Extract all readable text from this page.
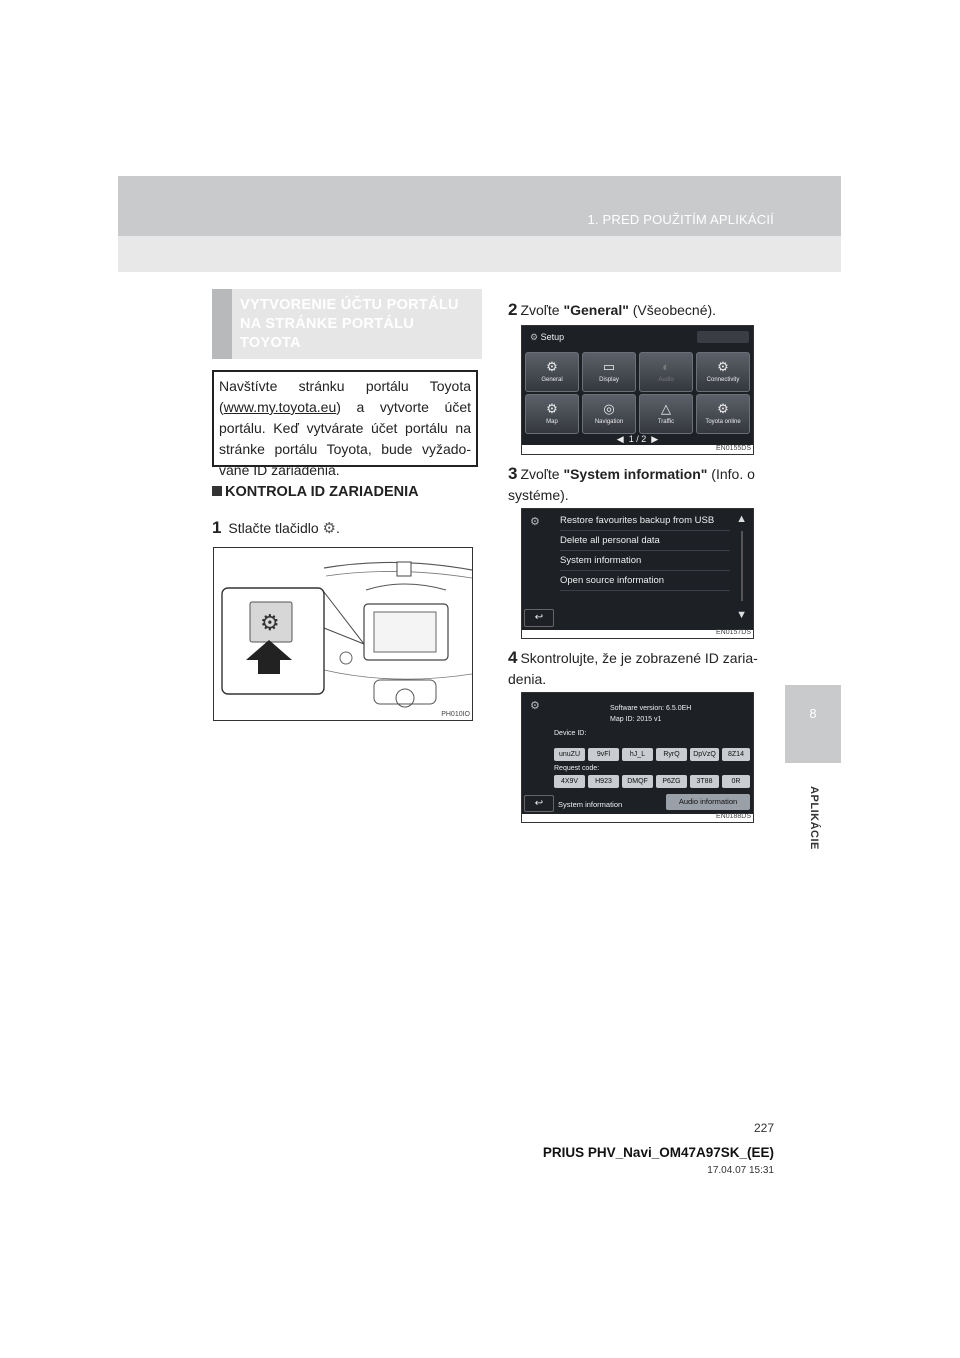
1. PRED POUŽITÍM APLIKÁCIÍ
8
APLIKÁCIE
VYTVORENIE ÚČTU PORTÁLU NA STRÁNKE PORTÁLU TOYOTA
Navštívte stránku portálu Toyota (www.my.toyota.eu) a vytvorte účet portálu. Keď vytvárate účet portálu na stránke portálu Toyota, bude vyžado-vané ID zariadenia.
KONTROLA ID ZARIADENIA
1 Stlačte tlačidlo ⚙.
⚙
PH010IO
2 Zvoľte "General" (Všeobecné).
⚙ Setup
⚙
General
▭
Display
◐
Audio
⚙
Connectivity
⚙
Map
◎
Navigation
△
Traffic
⚙
Toyota online
◀ 1 / 2 ▶
EN0155DS
3 Zvoľte "System information" (Info. o systéme).
⚙ Restore favourites backup from USB
Delete all personal data
System information
Open source information
▲
▼
↩
EN0157DS
4 Skontrolujte, že je zobrazené ID zaria-denia.
⚙	Software version: 6.5.0EH
Map ID: 2015 v1
Device ID:
unuZU	9vFl	hJ_L	RyrQ	DpVzQ	8Z14
Request code:
4X9V	H923	DMQF	P6ZG	3T88	0R
↩	System information	Audio information
EN0188DS
227
PRIUS PHV_Navi_OM47A97SK_(EE)
17.04.07 15:31
